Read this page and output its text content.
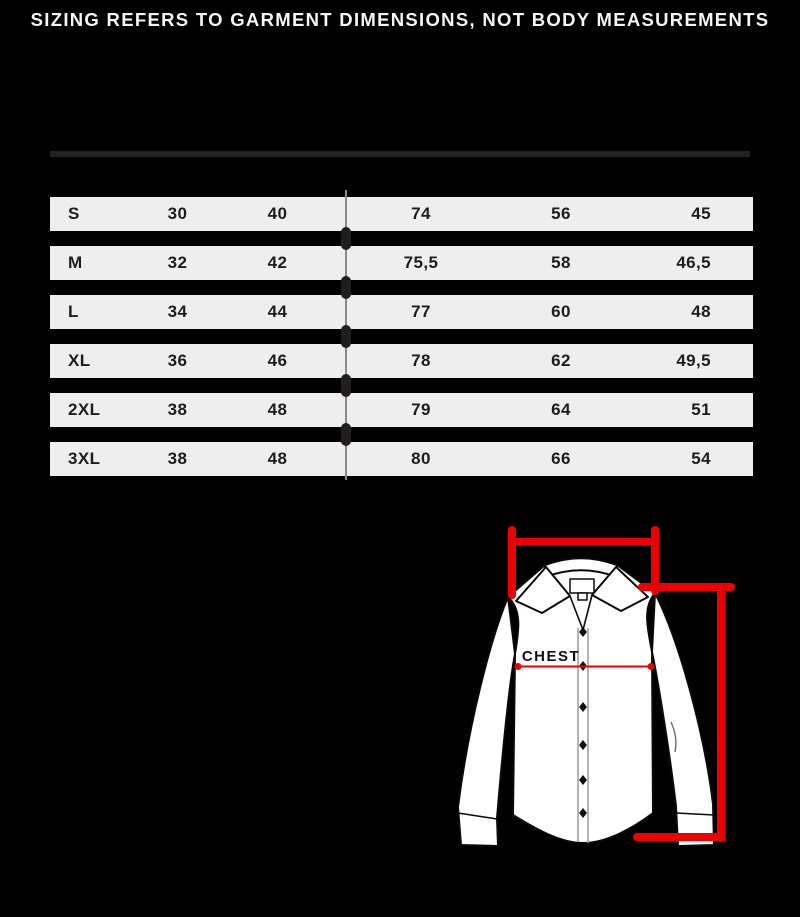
SIZING REFERS TO GARMENT DIMENSIONS, NOT BODY MEASUREMENTS
S	30	40	74	56	45
M	32	42	75,5	58	46,5
L	34	44	77	60	48
XL	36	46	78	62	49,5
2XL	38	48	79	64	51
3XL	38	48	80	66	54
CHEST
